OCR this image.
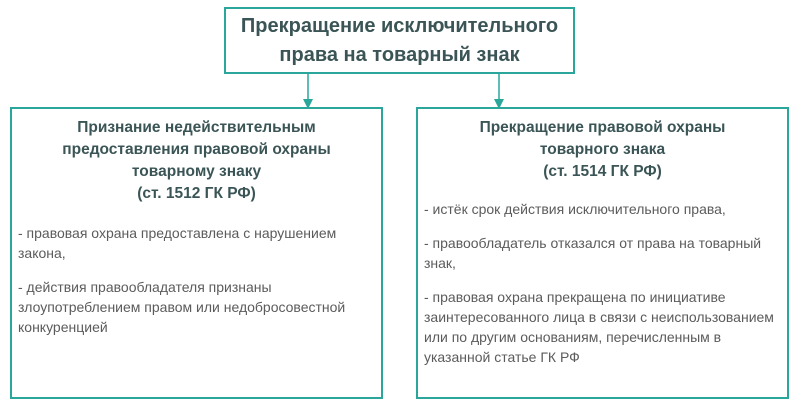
Прекращение исключительного права на товарный знак
Признание недействительным
предоставления правовой охраны
товарному знаку
(ст. 1512 ГК РФ)
- правовая охрана предоставлена с нарушением закона,
- действия правообладателя признаны злоупотреблением правом или недобросовестной конкуренцией
Прекращение правовой охраны
товарного знака
(ст. 1514 ГК РФ)
- истёк срок действия исключительного права,
- правообладатель отказался от права на товарный знак,
- правовая охрана прекращена по инициативе заинтересованного лица в связи с неиспользованием или по другим основаниям, перечисленным в указанной статье ГК РФ
